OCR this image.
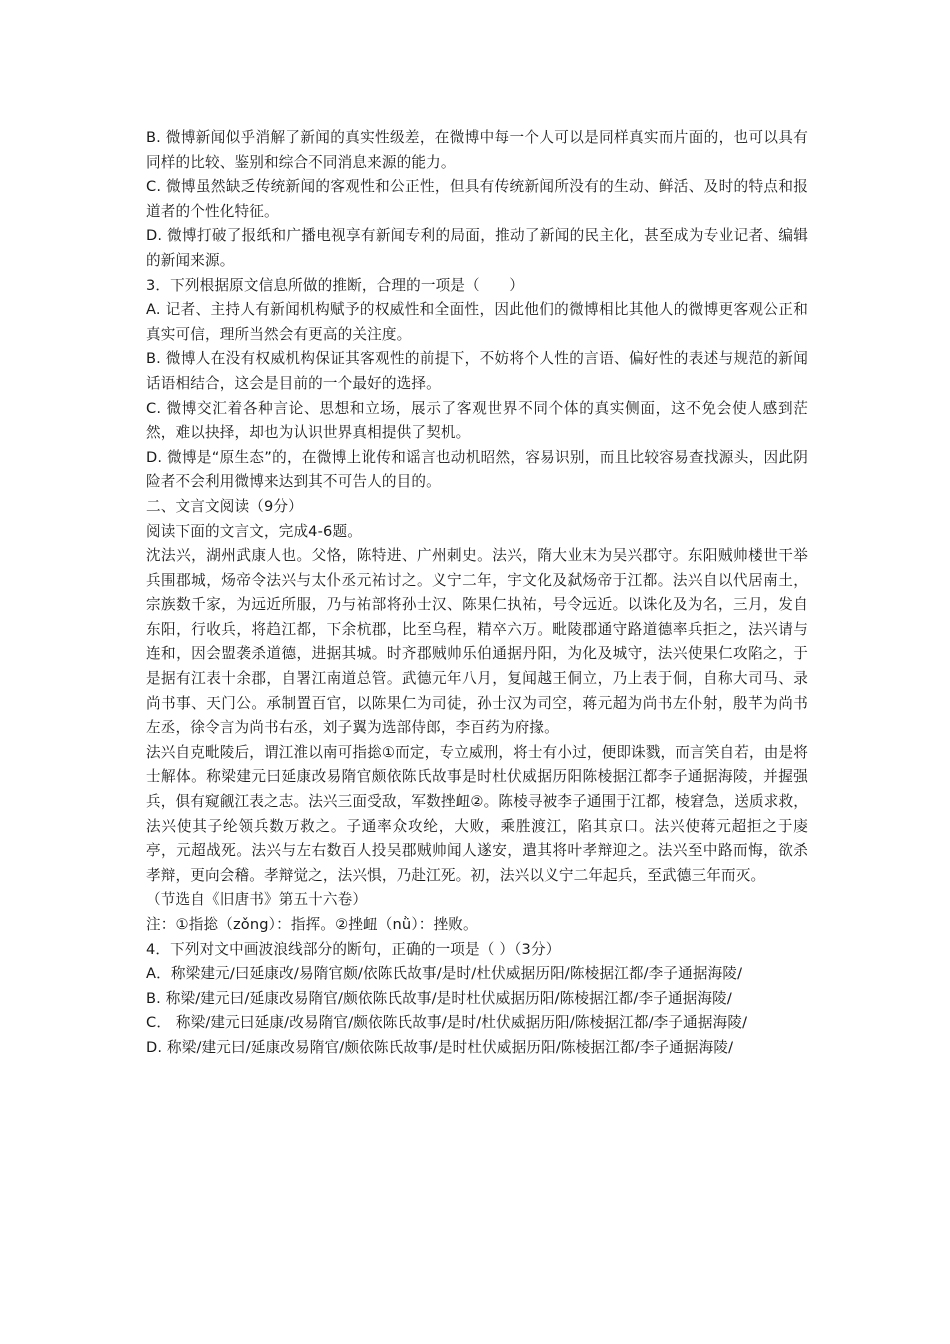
B. 微博新闻似乎消解了新闻的真实性级差，在微博中每一个人可以是同样真实而片面的，也可以具有同样的比较、鉴别和综合不同消息来源的能力。

C. 微博虽然缺乏传统新闻的客观性和公正性，但具有传统新闻所没有的生动、鲜活、及时的特点和报道者的个性化特征。

D. 微博打破了报纸和广播电视享有新闻专利的局面，推动了新闻的民主化，甚至成为专业记者、编辑的新闻来源。

3．下列根据原文信息所做的推断，合理的一项是（　　）

A. 记者、主持人有新闻机构赋予的权威性和全面性，因此他们的微博相比其他人的微博更客观公正和真实可信，理所当然会有更高的关注度。

B. 微博人在没有权威机构保证其客观性的前提下，不妨将个人性的言语、偏好性的表述与规范的新闻话语相结合，这会是目前的一个最好的选择。

C. 微博交汇着各种言论、思想和立场，展示了客观世界不同个体的真实侧面，这不免会使人感到茫然，难以抉择，却也为认识世界真相提供了契机。

D. 微博是“原生态”的，在微博上讹传和谣言也动机昭然，容易识别，而且比较容易查找源头，因此阴险者不会利用微博来达到其不可告人的目的。

二、文言文阅读（9分）

阅读下面的文言文，完成4-6题。

沈法兴，湖州武康人也。父恪，陈特进、广州刺史。法兴，隋大业末为吴兴郡守。东阳贼帅楼世干举兵围郡城，炀帝令法兴与太仆丞元祐讨之。义宁二年，宇文化及弑炀帝于江都。法兴自以代居南土，宗族数千家，为远近所服，乃与祐部将孙士汉、陈果仁执祐，号令远近。以诛化及为名，三月，发自东阳，行收兵，将趋江都，下余杭郡，比至乌程，精卒六万。毗陵郡通守路道德率兵拒之，法兴请与连和，因会盟袭杀道德，进据其城。时齐郡贼帅乐伯通据丹阳，为化及城守，法兴使果仁攻陷之，于是据有江表十余郡，自署江南道总管。武德元年八月，复闻越王侗立，乃上表于侗，自称大司马、录尚书事、天门公。承制置百官，以陈果仁为司徒，孙士汉为司空，蒋元超为尚书左仆射，殷芊为尚书左丞，徐令言为尚书右丞，刘子翼为选部侍郎，李百药为府掾。

法兴自克毗陵后，谓江淮以南可指捴①而定，专立威刑，将士有小过，便即诛戮，而言笑自若，由是将士解体。称梁建元曰延康改易隋官颇依陈氏故事是时杜伏威据历阳陈棱据江都李子通据海陵，并握强兵，俱有窥觎江表之志。法兴三面受敌，军数挫衄②。陈棱寻被李子通围于江都，棱窘急，送质求救，法兴使其子纶领兵数万救之。子通率众攻纶，大败，乘胜渡江，陷其京口。法兴使蒋元超拒之于庱亭，元超战死。法兴与左右数百人投吴郡贼帅闻人遂安，遣其将叶孝辩迎之。法兴至中路而悔，欲杀孝辩，更向会稽。孝辩觉之，法兴惧，乃赴江死。初，法兴以义宁二年起兵，至武德三年而灭。

（节选自《旧唐书》第五十六卷）

注：①指捴（zǒng）：指挥。②挫衄（nǜ）：挫败。

4．下列对文中画波浪线部分的断句，正确的一项是（ ）（3分）

A．称梁建元/曰延康改/易隋官颇/依陈氏故事/是时/杜伏威据历阳/陈棱据江都/李子通据海陵/

B. 称梁/建元曰/延康改易隋官/颇依陈氏故事/是时杜伏威据历阳/陈棱据江都/李子通据海陵/

C． 称梁/建元曰延康/改易隋官/颇依陈氏故事/是时/杜伏威据历阳/陈棱据江都/李子通据海陵/

D. 称梁/建元曰/延康改易隋官/颇依陈氏故事/是时杜伏威据历阳/陈棱据江都/李子通据海陵/
